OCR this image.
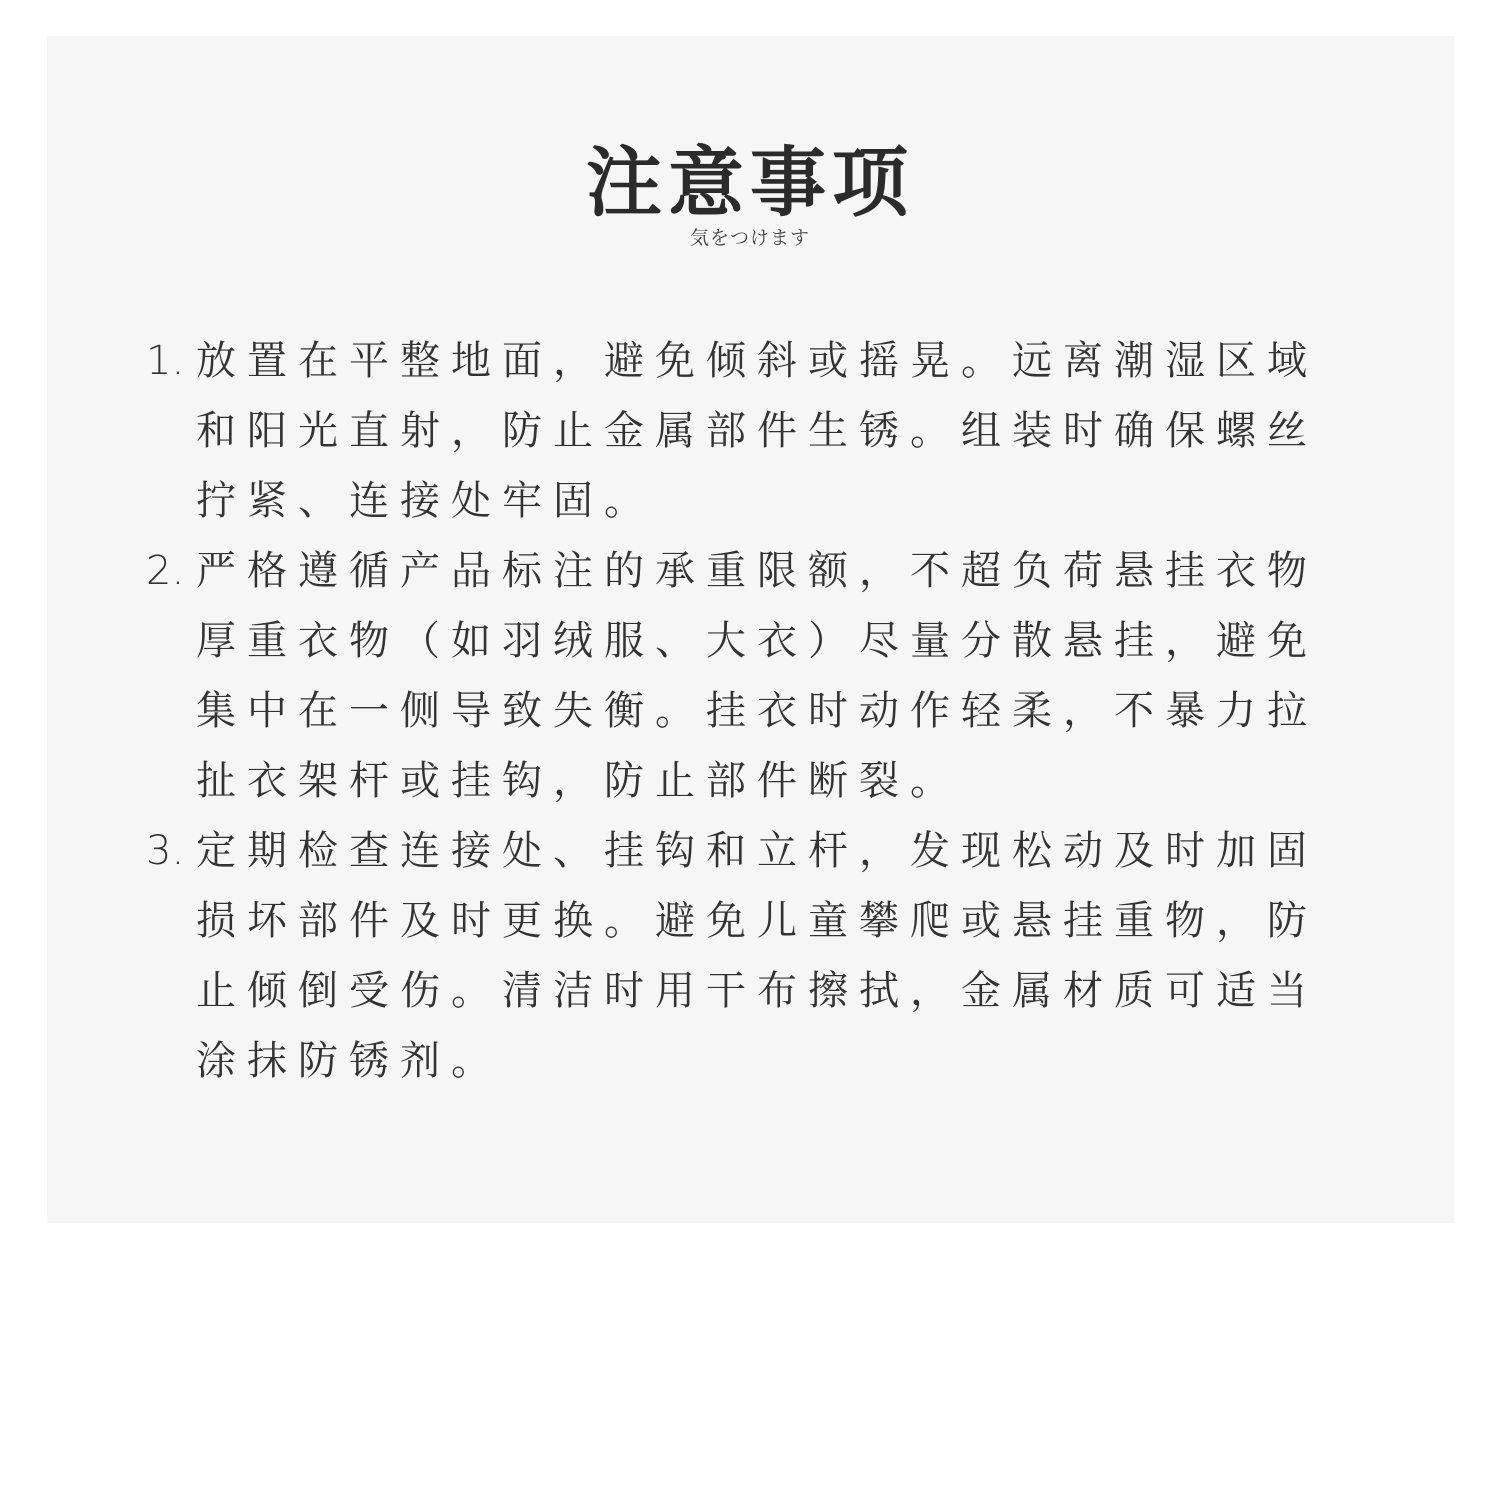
注意事项
気をつけます
1. 放置在平整地面，避免倾斜或摇晃。远离潮湿区域和阳光直射，防止金属部件生锈。组装时确保螺丝拧紧、连接处牢固。
2. 严格遵循产品标注的承重限额，不超负荷悬挂衣物厚重衣物（如羽绒服、大衣）尽量分散悬挂，避免集中在一侧导致失衡。挂衣时动作轻柔，不暴力拉扯衣架杆或挂钩，防止部件断裂。
3. 定期检查连接处、挂钩和立杆，发现松动及时加固损坏部件及时更换。避免儿童攀爬或悬挂重物，防止倾倒受伤。清洁时用干布擦拭，金属材质可适当涂抹防锈剂。
